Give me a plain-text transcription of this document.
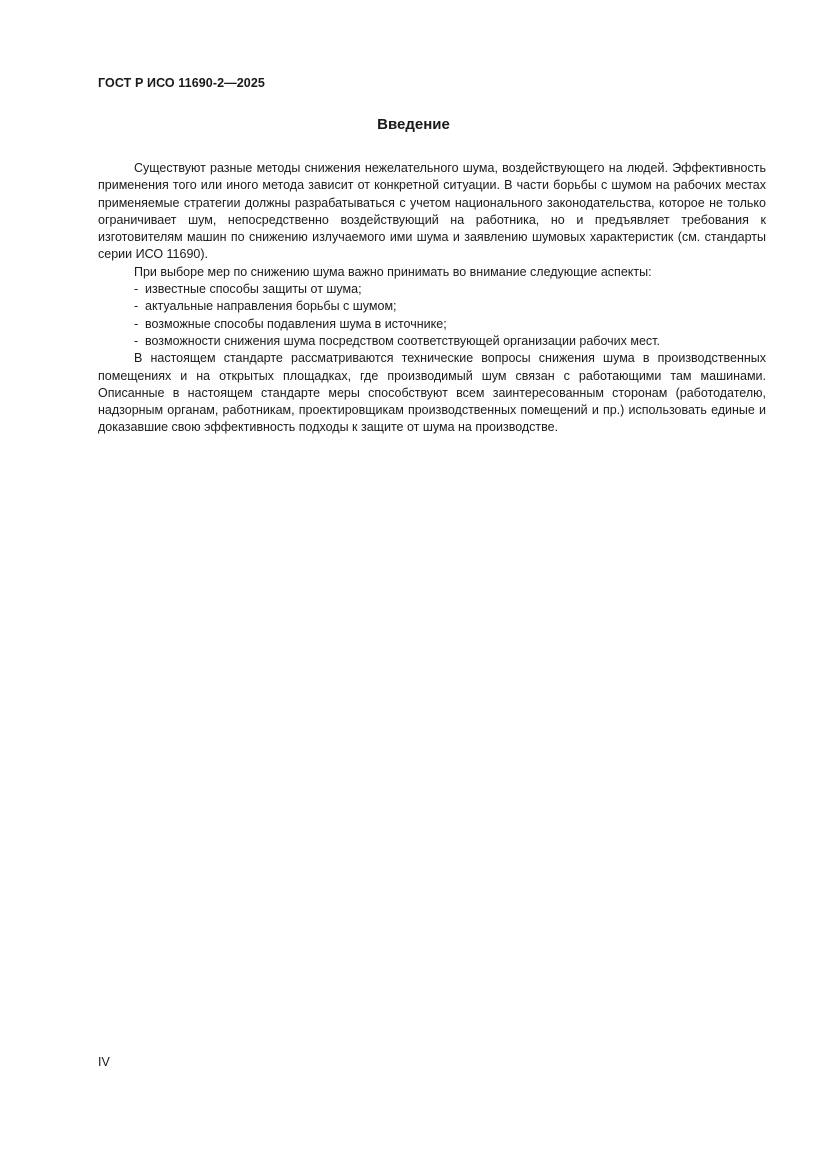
ГОСТ Р ИСО 11690-2—2025
Введение

Существуют разные методы снижения нежелательного шума, воздействующего на людей. Эффективность применения того или иного метода зависит от конкретной ситуации. В части борьбы с шумом на рабочих местах применяемые стратегии должны разрабатываться с учетом национального законодательства, которое не только ограничивает шум, непосредственно воздействующий на работника, но и предъявляет требования к изготовителям машин по снижению излучаемого ими шума и заявлению шумовых характеристик (см. стандарты серии ИСО 11690).

При выборе мер по снижению шума важно принимать во внимание следующие аспекты:

- известные способы защиты от шума;
- актуальные направления борьбы с шумом;
- возможные способы подавления шума в источнике;
- возможности снижения шума посредством соответствующей организации рабочих мест.

В настоящем стандарте рассматриваются технические вопросы снижения шума в производственных помещениях и на открытых площадках, где производимый шум связан с работающими там машинами. Описанные в настоящем стандарте меры способствуют всем заинтересованным сторонам (работодателю, надзорным органам, работникам, проектировщикам производственных помещений и пр.) использовать единые и доказавшие свою эффективность подходы к защите от шума на производстве.

IV
